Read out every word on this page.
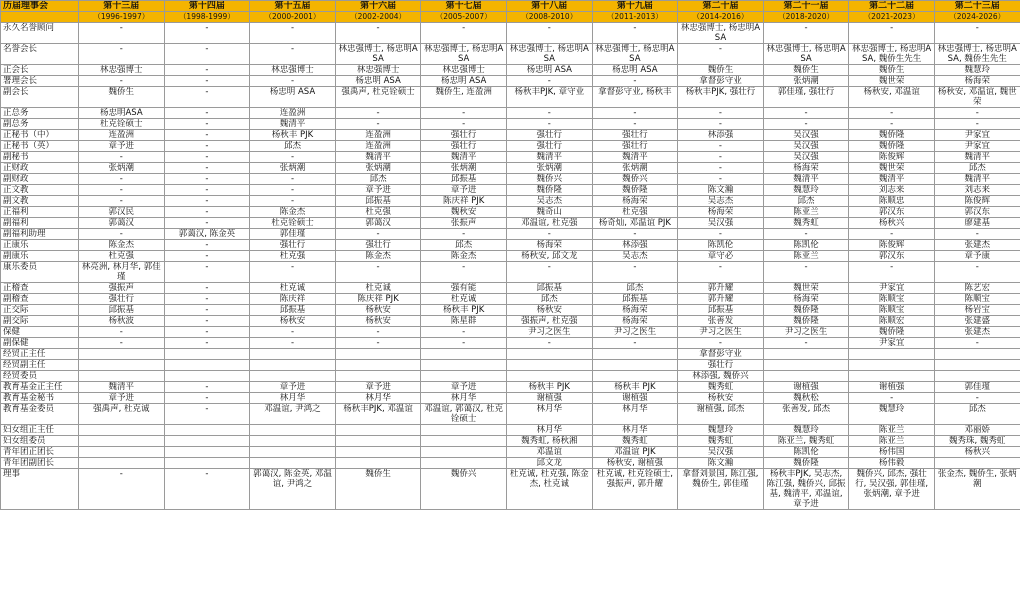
历届理事会	第十三届	第十四届	第十五届	第十六届	第十七届	第十八届	第十九届	第二十届	第二十一届	第二十二届	第二十三届
	（1996-1997）	（1998-1999）	（2000-2001）	（2002-2004）	（2005-2007）	（2008-2010）	（2011-2013）	（2014-2016）	（2018-2020）	（2021-2023）	（2024-2026）
永久名誉顾问	-	-	-	-	-	-	-	林忠强博士, 杨忠明ASA	-	-	-
名誉会长	-	-	-	林忠强博士, 杨忠明ASA	林忠强博士, 杨忠明ASA	林忠强博士, 杨忠明ASA	林忠强博士, 杨忠明ASA	-	林忠强博士, 杨忠明ASA	林忠强博士, 杨忠明ASA, 魏侨生先生	林忠强博士, 杨忠明ASA, 魏侨生先生
正会长	林忠强博士	-	林忠强博士	林忠强博士	林忠强博士	杨忠明 ASA	杨忠明 ASA	魏侨生	魏侨生	魏侨生	魏慧玲
署理会长	-	-	-	杨忠明 ASA	杨忠明 ASA	-	-	拿督彭守业	张炳潮	魏世荣	杨海荣
副会长	魏侨生	-	杨忠明 ASA	强禹声, 杜克铨硕士	魏侨生, 连盈洲	杨秋丰PJK, 章守业	拿督彭守业, 杨秋丰	杨秋丰PJK, 强壮行	郭佳瑾, 强壮行	杨秋安, 邓温谊	杨秋安, 邓温谊, 魏世荣
正总务	杨忠明ASA	-	连盈洲	-	-	-	-	-	-	-	-
副总务	杜克铨硕士	-	魏清平	-	-	-	-	-	-	-	-
正秘书（中）	连盈洲	-	杨秋丰 PJK	连盈洲	强壮行	强壮行	强壮行	林添强	吴汉强	魏侨隆	尹家宜
正秘书（英）	章予进	-	邱杰	连盈洲	强壮行	强壮行	强壮行	-	吴汉强	魏侨隆	尹家宜
副秘书	-	-	-	魏清平	魏清平	魏清平	魏清平	-	吴汉强	陈俊辉	魏清平
正财政	张炳潮	-	张炳潮	张炳潮	张炳潮	张炳潮	张炳潮	-	杨海荣	魏世荣	邱杰
副财政	-	-	-	邱杰	邱振基	魏侨兴	魏侨兴	-	魏清平	魏清平	魏清平
正文教	-	-	-	章予进	章予进	魏侨隆	魏侨隆	陈文瀚	魏慧玲	刘志来	刘志来
副文教	-	-	-	邱振基	陈庆祥 PJK	吴志杰	杨海荣	吴志杰	邱杰	陈顺忠	陈俊辉
正福利	郭汉民	-	陈金杰	杜克强	魏秋安	魏奇山	杜克强	杨海荣	陈亚兰	郭汉东	郭汉东
副福利	郭蔼汉	-	杜克铨硕士	郭蔼汉	张振声	邓温谊, 杜克强	杨奇灿, 邓温谊 PJK	吴汉强	魏秀虹	杨秋兴	廖建基
副福利助理	-	郭蔼汉, 陈金英	郭佳瑾	-	-	-	-	-	-	-	-
正康乐	陈金杰	-	强壮行	强壮行	邱杰	杨海荣	林添强	陈凯伦	陈凯伦	陈俊辉	张建杰
副康乐	杜克强	-	杜克强	陈金杰	陈金杰	杨秋安, 邱文龙	吴志杰	章守必	陈亚兰	郭汉东	章予康
康乐委员	林亮洲, 林月华, 郭佳瑾	-	-	-	-	-	-	-	-	-	-
正稽查	强振声	-	杜克诚	杜克诚	强有能	邱振基	邱杰	郭升耀	魏世荣	尹家宜	陈艺宏
副稽查	强壮行	-	陈庆祥	陈庆祥 PJK	杜克诚	邱杰	邱振基	郭升耀	杨海荣	陈顺宝	陈顺宝
正交际	邱振基	-	邱振基	杨秋安	杨秋丰 PJK	杨秋安	杨海荣	邱振基	魏侨隆	陈顺宝	杨岩宝
副交际	杨秋波	-	杨秋安	杨秋安	陈星群	强振声, 杜克强	杨海荣	张善发	魏侨隆	陈顺宏	张建盛
保健	-	-	-	-	-	尹习之医生	尹习之医生	尹习之医生	尹习之医生	魏侨隆	张建杰
副保健	-	-	-	-	-	-	-	-	-	尹家宜	-
经贸正主任								拿督彭守业			
经贸副主任								强壮行			
经贸委员								林添强, 魏侨兴			
教育基金正主任	魏清平	-	章予进	章予进	章予进	杨秋丰 PJK	杨秋丰 PJK	魏秀虹	谢植强	谢植强	郭佳瑾
教育基金秘书	章予进	-	林月华	林月华	林月华	谢植强	谢植强	杨秋安	魏秋松	-	-
教育基金委员	强禹声, 杜克诚	-	邓温谊, 尹鸿之	杨秋丰PJK, 邓温谊	邓温谊, 郭蔼汉, 杜克铨硕士	林月华	林月华	谢植强, 邱杰	张善发, 邱杰	魏慧玲	邱杰
妇女组正主任						林月华	林月华	魏慧玲	魏慧玲	陈亚兰	邓丽娇
妇女组委员						魏秀虹, 杨秋湘	魏秀虹	魏秀虹	陈亚兰, 魏秀虹	陈亚兰	魏秀珠, 魏秀虹
青年团正团长						邓温谊	邓温谊 PJK	吴汉强	陈凯伦	杨伟国	杨秋兴
青年团副团长						邱文龙	杨秋安, 谢植强	陈文瀚	魏侨隆	杨伟毅	
理事	-	-	郭蔼汉, 陈金英, 邓温谊, 尹鸿之	魏侨生	魏侨兴	杜克诚, 杜克强, 陈金杰, 杜克诚	杜克诚, 杜克铨硕士, 强振声, 郭升耀	拿督刘景国, 陈江强, 魏侨生, 郭佳瑾	杨秋丰PJK, 吴志杰, 陈江强, 魏侨兴, 邱振基, 魏清平, 邓温谊, 章予进	魏侨兴, 邱杰, 强壮行, 吴汉强, 郭佳瑾, 张炳潮, 章予进	张金杰, 魏侨生, 张炳潮
